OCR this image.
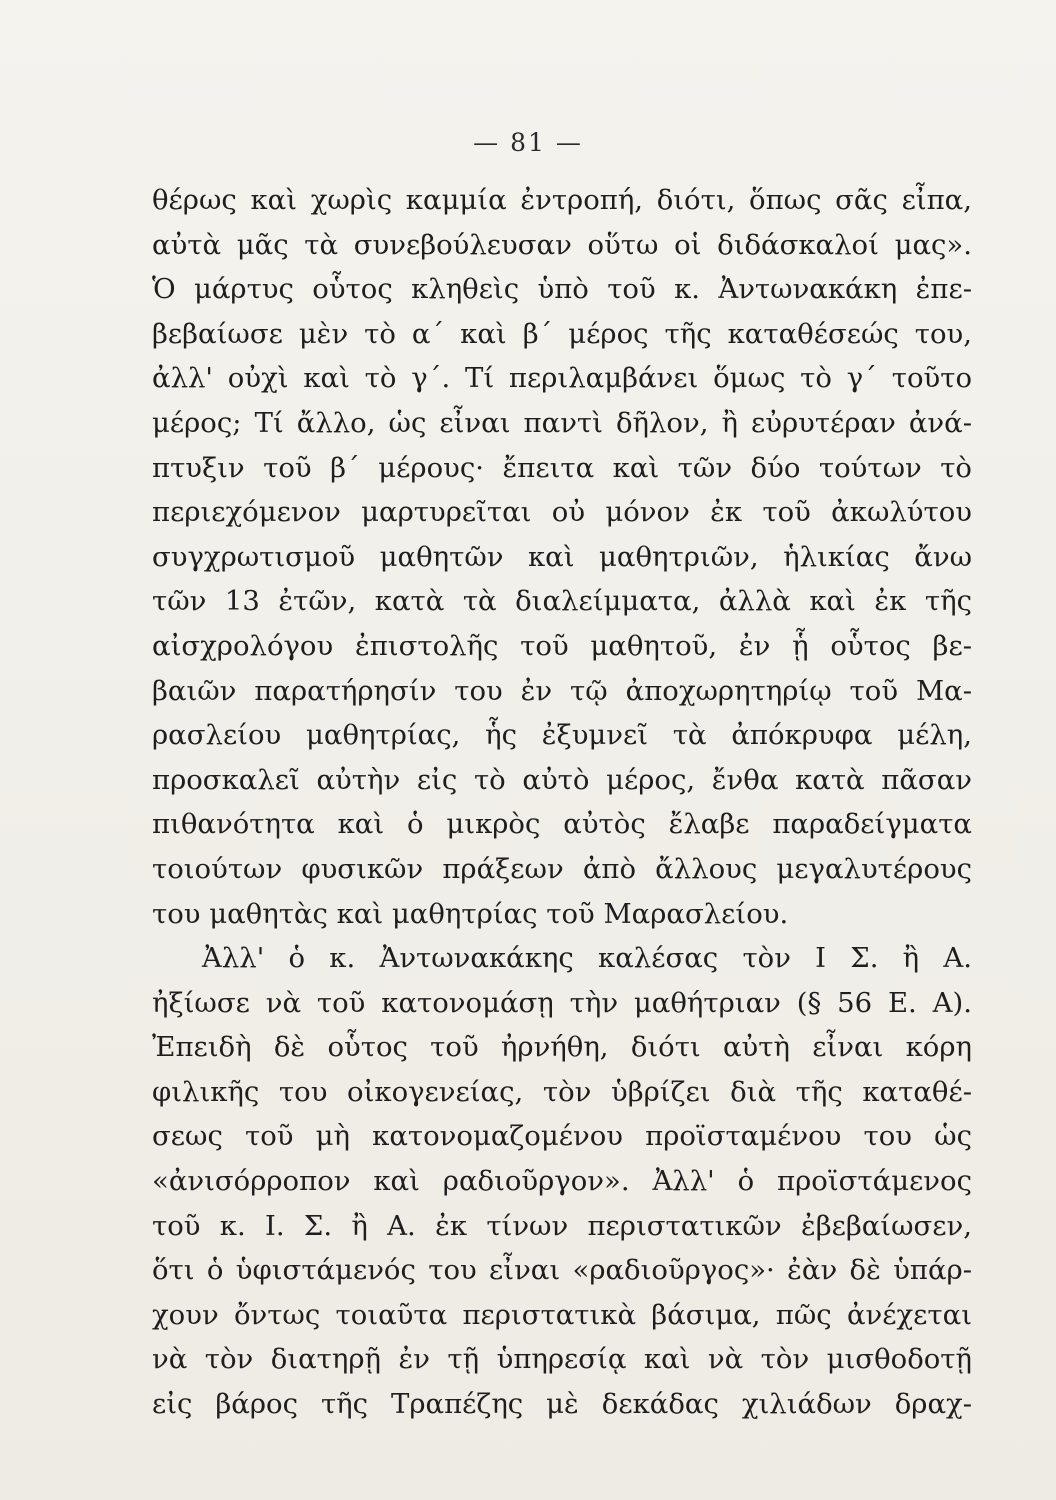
— 81 —
θέρως καὶ χωρὶς καμμία ἐντροπή, διότι, ὅπως σᾶς εἶπα,
αὐτὰ μᾶς τὰ συνεβούλευσαν οὕτω οἱ διδάσκαλοί μας».
Ὁ μάρτυς οὗτος κληθεὶς ὑπὸ τοῦ κ. Ἀντωνακάκη ἐπε-
βεβαίωσε μὲν τὸ α´ καὶ β´ μέρος τῆς καταθέσεώς του,
ἀλλ' οὐχὶ καὶ τὸ γ´. Τί περιλαμβάνει ὅμως τὸ γ´ τοῦτο
μέρος; Τί ἄλλο, ὡς εἶναι παντὶ δῆλον, ἢ εὐρυτέραν ἀνά-
πτυξιν τοῦ β´ μέρους· ἔπειτα καὶ τῶν δύο τούτων τὸ
περιεχόμενον μαρτυρεῖται οὐ μόνον ἐκ τοῦ ἀκωλύτου
συγχρωτισμοῦ μαθητῶν καὶ μαθητριῶν, ἡλικίας ἄνω
τῶν 13 ἐτῶν, κατὰ τὰ διαλείμματα, ἀλλὰ καὶ ἐκ τῆς
αἰσχρολόγου ἐπιστολῆς τοῦ μαθητοῦ, ἐν ᾗ οὗτος βε-
βαιῶν παρατήρησίν του ἐν τῷ ἀποχωρητηρίῳ τοῦ Μα-
ρασλείου μαθητρίας, ἧς ἐξυμνεῖ τὰ ἀπόκρυφα μέλη,
προσκαλεῖ αὐτὴν εἰς τὸ αὐτὸ μέρος, ἔνθα κατὰ πᾶσαν
πιθανότητα καὶ ὁ μικρὸς αὐτὸς ἔλαβε παραδείγματα
τοιούτων φυσικῶν πράξεων ἀπὸ ἄλλους μεγαλυτέρους
του μαθητὰς καὶ μαθητρίας τοῦ Μαρασλείου.
Ἀλλ' ὁ κ. Ἀντωνακάκης καλέσας τὸν Ι Σ. ἢ Α.
ἠξίωσε νὰ τοῦ κατονομάσῃ τὴν μαθήτριαν (§ 56 Ε. Α).
Ἐπειδὴ δὲ οὗτος τοῦ ἠρνήθη, διότι αὐτὴ εἶναι κόρη
φιλικῆς του οἰκογενείας, τὸν ὑβρίζει διὰ τῆς καταθέ-
σεως τοῦ μὴ κατονομαζομένου προϊσταμένου του ὡς
«ἀνισόρροπον καὶ ραδιοῦργον». Ἀλλ' ὁ προϊστάμενος
τοῦ κ. Ι. Σ. ἢ Α. ἐκ τίνων περιστατικῶν ἐβεβαίωσεν,
ὅτι ὁ ὑφιστάμενός του εἶναι «ραδιοῦργος»· ἐὰν δὲ ὑπάρ-
χουν ὄντως τοιαῦτα περιστατικὰ βάσιμα, πῶς ἀνέχεται
νὰ τὸν διατηρῇ ἐν τῇ ὑπηρεσίᾳ καὶ νὰ τὸν μισθοδοτῇ
εἰς βάρος τῆς Τραπέζης μὲ δεκάδας χιλιάδων δραχ-
